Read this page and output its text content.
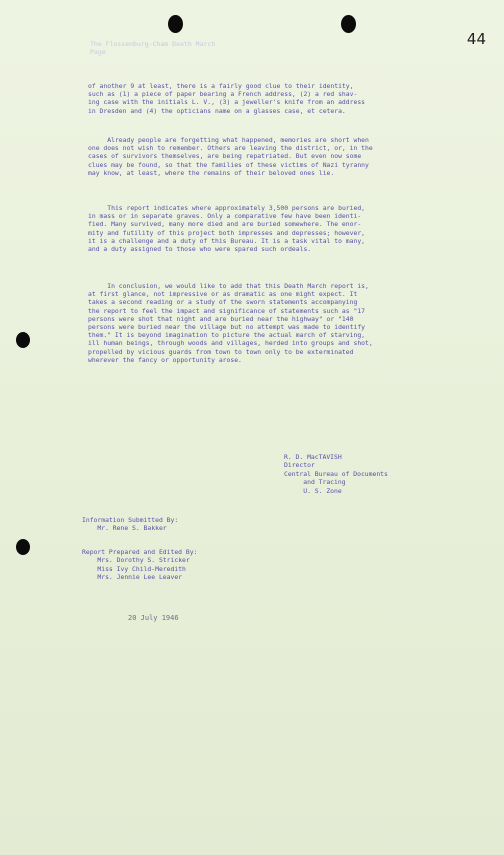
44
The Flossenburg-Cham Death March
Page

of another 9 at least, there is a fairly good clue to their identity,
such as (1) a piece of paper bearing a French address, (2) a red shav-
ing case with the initials L. V., (3) a jeweller's knife from an address
in Dresden and (4) the opticians name on a glasses case, et cetera.

Already people are forgetting what happened, memories are short when
one does not wish to remember. Others are leaving the district, or, in the
cases of survivors themselves, are being repatriated. But even now some
clues may be found, so that the families of these victims of Nazi tyranny
may know, at least, where the remains of their beloved ones lie.

This report indicates where approximately 3,500 persons are buried,
in mass or in separate graves. Only a comparative few have been identi-
fied. Many survived, many more died and are buried somewhere. The enor-
mity and futility of this project both impresses and depresses; however,
it is a challenge and a duty of this Bureau. It is a task vital to many,
and a duty assigned to those who were spared such ordeals.

In conclusion, we would like to add that this Death March report is,
at first glance, not impressive or as dramatic as one might expect. It
takes a second reading or a study of the sworn statements accompanying
the report to feel the impact and significance of statements such as "17
persons were shot that night and are buried near the highway" or "140
persons were buried near the village but no attempt was made to identify
them." It is beyond imagination to picture the actual march of starving,
ill human beings, through woods and villages, herded into groups and shot,
propelled by vicious guards from town to town only to be exterminated
wherever the fancy or opportunity arose.

R. D. MacTAVISH
Director
Central Bureau of Documents
and Tracing
U. S. Zone

Information Submitted By:
Mr. Rene S. Bakker

Report Prepared and Edited By:
Mrs. Dorothy S. Stricker
Miss Ivy Child-Meredith
Mrs. Jennie Lee Leaver

20 July 1946
